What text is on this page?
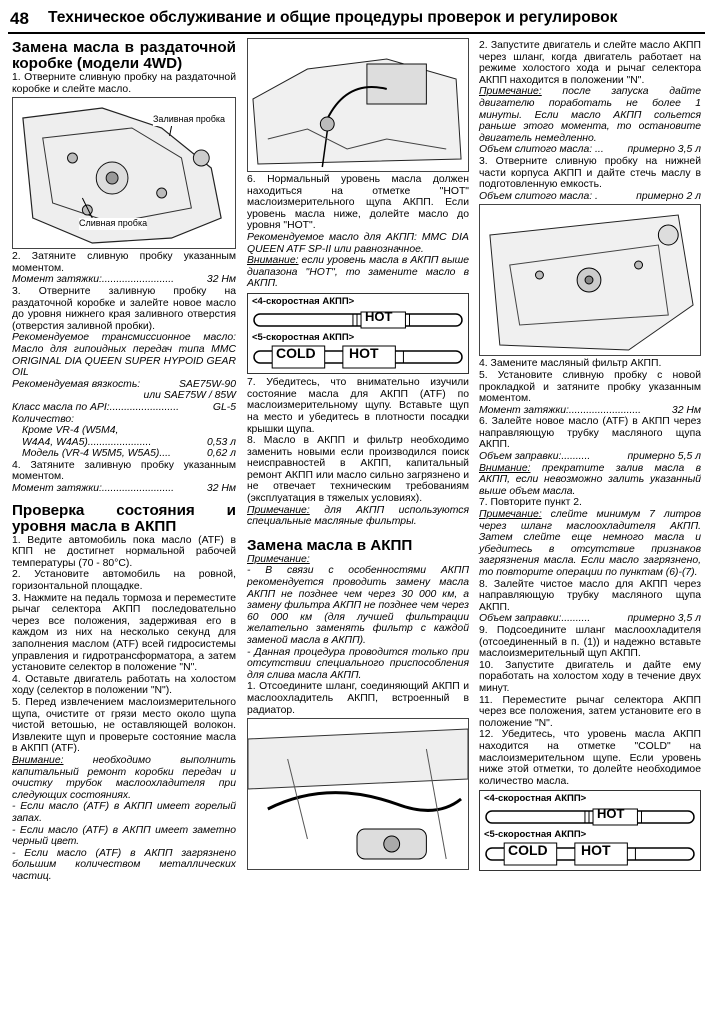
48 Техническое обслуживание и общие процедуры проверок и регулировок

Замена масла в раздаточной коробке (модели 4WD)

1. Отверните сливную пробку на раздаточной коробке и слейте масло.

Заливная пробка
Сливная пробка

2. Затяните сливную пробку указанным моментом.

Момент затяжки:.........................	32 Нм

3. Отверните заливную пробку на раздаточной коробке и залейте новое масло до уровня нижнего края заливного отверстия (отверстия заливной пробки).

Рекомендуемое трансмиссионное масло: Масло для гипоидных передач типа MMC ORIGINAL DIA QUEEN SUPER HYPOID GEAR OIL

Рекомендуемая вязкость:	SAE75W-90
или SAE75W / 85W
Класс масла по API:........................	GL-5
Количество:
Кроме VR-4 (W5M4,
W4A4, W4A5)......................	0,53 л
Модель (VR-4 W5M5, W5A5)....	0,62 л

4. Затяните заливную пробку указанным моментом.

Момент затяжки:.........................	32 Нм

Проверка состояния и уровня масла в АКПП

1. Ведите автомобиль пока масло (ATF) в КПП не достигнет нормальной рабочей температуры (70 - 80°С).

2. Установите автомобиль на ровной, горизонтальной площадке.

3. Нажмите на педаль тормоза и переместите рычаг селектора АКПП последовательно через все положения, задерживая его в каждом из них на несколько секунд для заполнения маслом (ATF) всей гидросистемы управления и гидротрансформатора, а затем установите селектор в положение "N".

4. Оставьте двигатель работать на холостом ходу (селектор в положении "N").

5. Перед извлечением маслоизмерительного щупа, очистите от грязи место около щупа чистой ветошью, не оставляющей волокон. Извлеките щуп и проверьте состояние масла в АКПП (ATF).

Внимание: необходимо выполнить капитальный ремонт коробки передач и очистку трубок маслоохладителя при следующих состояниях.

- Если масло (ATF) в АКПП имеет горелый запах.

- Если масло (ATF) в АКПП имеет заметно черный цвет.

- Если масло (ATF) в АКПП загрязнено большим количеством металлических частиц.

6. Нормальный уровень масла должен находиться на отметке "HOT" маслоизмерительного щупа АКПП. Если уровень масла ниже, долейте масло до уровня "HOT".

Рекомендуемое масло для АКПП: MMC DIA QUEEN ATF SP-II или равнозначное.

Внимание: если уровень масла в АКПП выше диапазона "HOT", то замените масло в АКПП.

<4-скоростная АКПП>
HOT
<5-скоростная АКПП>
COLD HOT

7. Убедитесь, что внимательно изучили состояние масла для АКПП (ATF) по маслоизмерительному щупу. Вставьте щуп на место и убедитесь в плотности посадки крышки щупа.

8. Масло в АКПП и фильтр необходимо заменить новыми если производился поиск неисправностей в АКПП, капитальный ремонт АКПП или масло сильно загрязнено и не отвечает техническим требованиям (эксплуатация в тяжелых условиях).

Примечание: для АКПП используются специальные масляные фильтры.

Замена масла в АКПП

Примечание:

- В связи с особенностями АКПП рекомендуется проводить замену масла АКПП не позднее чем через 30 000 км, а замену фильтра АКПП не позднее чем через 60 000 км (для лучшей фильтрации желательно заменять фильтр с каждой заменой масла в АКПП).

- Данная процедура проводится только при отсутствии специального приспособления для слива масла АКПП.

1. Отсоедините шланг, соединяющий АКПП и маслоохладитель АКПП, встроенный в радиатор.

2. Запустите двигатель и слейте масло АКПП через шланг, когда двигатель работает на режиме холостого хода и рычаг селектора АКПП находится в положении "N".

Примечание: после запуска дайте двигателю поработать не более 1 минуты. Если масло АКПП сольется раньше этого момента, то остановите двигатель немедленно.

Объем слитого масла: ... примерно 3,5 л

3. Отверните сливную пробку на нижней части корпуса АКПП и дайте стечь маслу в подготовленную емкость.

Объем слитого масла: .	примерно 2 л

4. Замените масляный фильтр АКПП.

5. Установите сливную пробку с новой прокладкой и затяните пробку указанным моментом.

Момент затяжки:.........................	32 Нм

6. Залейте новое масло (ATF) в АКПП через направляющую трубку масляного щупа АКПП.

Объем заправки:..........	примерно 5,5 л

Внимание: прекратите залив масла в АКПП, если невозможно залить указанный выше объем масла.

7. Повторите пункт 2.

Примечание: слейте минимум 7 литров через шланг маслоохладителя АКПП. Затем слейте еще немного масла и убедитесь в отсутствие признаков загрязнения масла. Если масло загрязнено, то повторите операции по пунктам (6)-(7).

8. Залейте чистое масло для АКПП через направляющую трубку масляного щупа АКПП.

Объем заправки:..........	примерно 3,5 л

9. Подсоедините шланг маслоохладителя (отсоединенный в п. (1)) и надежно вставьте маслоизмерительный щуп АКПП.

10. Запустите двигатель и дайте ему поработать на холостом ходу в течение двух минут.

11. Переместите рычаг селектора АКПП через все положения, затем установите его в положение "N".

12. Убедитесь, что уровень масла АКПП находится на отметке "COLD" на маслоизмерительном щупе. Если уровень ниже этой отметки, то долейте необходимое количество масла.

<4-скоростная АКПП>
HOT
<5-скоростная АКПП>
COLD HOT
